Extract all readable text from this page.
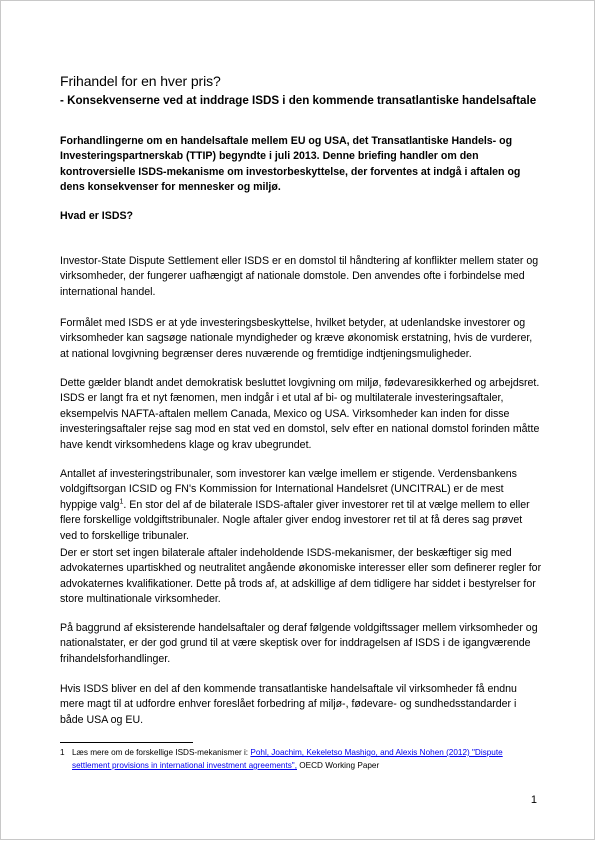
Frihandel for en hver pris?
- Konsekvenserne ved at inddrage ISDS i den kommende transatlantiske handelsaftale

Forhandlingerne om en handelsaftale mellem EU og USA, det Transatlantiske Handels- og Investeringspartnerskab (TTIP) begyndte i juli 2013. Denne briefing handler om den kontroversielle ISDS-mekanisme om investorbeskyttelse, der forventes at indgå i aftalen og dens konsekvenser for mennesker og miljø.

Hvad er ISDS?

Investor-State Dispute Settlement eller ISDS er en domstol til håndtering af konflikter mellem stater og virksomheder, der fungerer uafhængigt af nationale domstole. Den anvendes ofte i forbindelse med international handel.

Formålet med ISDS er at yde investeringsbeskyttelse, hvilket betyder, at udenlandske investorer og virksomheder kan sagsøge nationale myndigheder og kræve økonomisk erstatning, hvis de vurderer, at national lovgivning begrænser deres nuværende og fremtidige indtjeningsmuligheder.

Dette gælder blandt andet demokratisk besluttet lovgivning om miljø, fødevaresikkerhed og arbejdsret. ISDS er langt fra et nyt fænomen, men indgår i et utal af bi- og multilaterale investeringsaftaler, eksempelvis NAFTA-aftalen mellem Canada, Mexico og USA. Virksomheder kan inden for disse investeringsaftaler rejse sag mod en stat ved en domstol, selv efter en national domstol forinden måtte have kendt virksomhedens klage og krav ubegrundet.

Antallet af investeringstribunaler, som investorer kan vælge imellem er stigende. Verdensbankens voldgiftsorgan ICSID og FN's Kommission for International Handelsret (UNCITRAL) er de mest hyppige valg$^1$. En stor del af de bilaterale ISDS-aftaler giver investorer ret til at vælge mellem to eller flere forskellige voldgiftstribunaler. Nogle aftaler giver endog investorer ret til at få deres sag prøvet ved to forskellige tribunaler.

Der er stort set ingen bilaterale aftaler indeholdende ISDS-mekanismer, der beskæftiger sig med advokaternes upartiskhed og neutralitet angående økonomiske interesser eller som definerer regler for advokaternes kvalifikationer. Dette på trods af, at adskillige af dem tidligere har siddet i bestyrelser for store multinationale virksomheder.

På baggrund af eksisterende handelsaftaler og deraf følgende voldgiftssager mellem virksomheder og nationalstater, er der god grund til at være skeptisk over for inddragelsen af ISDS i de igangværende frihandelsforhandlinger.

Hvis ISDS bliver en del af den kommende transatlantiske handelsaftale vil virksomheder få endnu mere magt til at udfordre enhver foreslået forbedring af miljø-, fødevare- og sundhedsstandarder i både USA og EU.

1 Læs mere om de forskellige ISDS-mekanismer i: Pohl, Joachim, Kekeletso Mashigo, and Alexis Nohen (2012) "Dispute settlement provisions in international investment agreements", OECD Working Paper
1
